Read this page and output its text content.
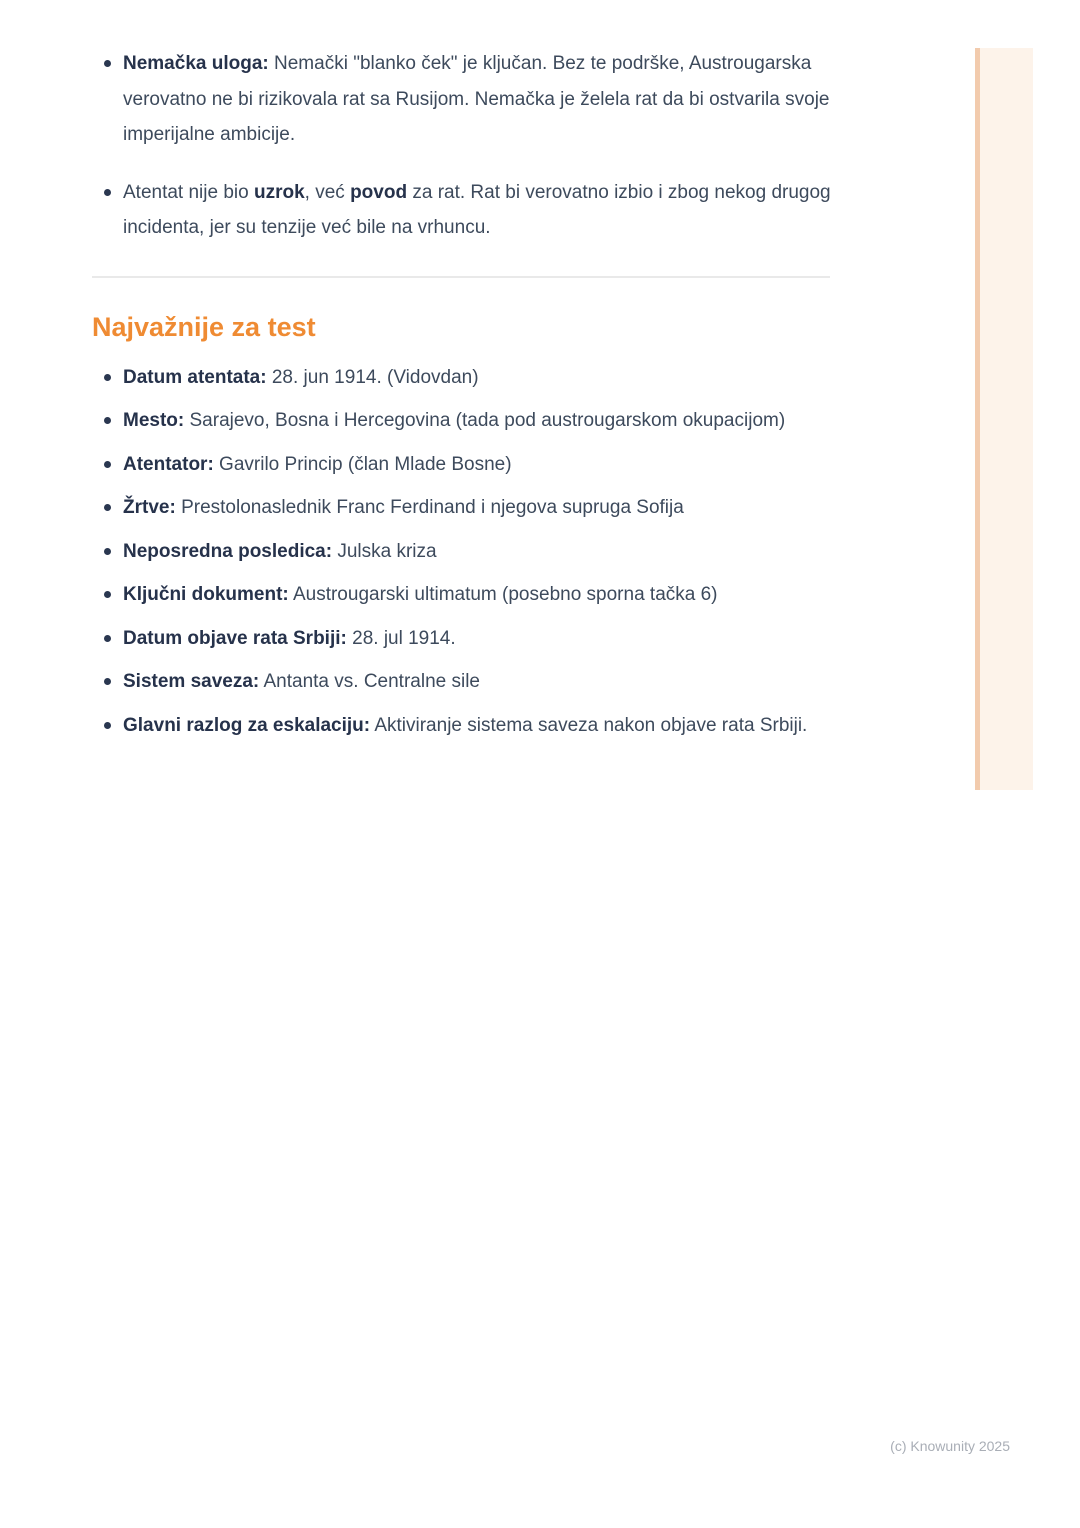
Nemačka uloga: Nemački "blanko ček" je ključan. Bez te podrške, Austrougarska verovatno ne bi rizikovala rat sa Rusijom. Nemačka je želela rat da bi ostvarila svoje imperijalne ambicije.
Atentat nije bio uzrok, već povod za rat. Rat bi verovatno izbio i zbog nekog drugog incidenta, jer su tenzije već bile na vrhuncu.
Najvažnije za test
Datum atentata: 28. jun 1914. (Vidovdan)
Mesto: Sarajevo, Bosna i Hercegovina (tada pod austrougarskom okupacijom)
Atentator: Gavrilo Princip (član Mlade Bosne)
Žrtve: Prestolonaslednik Franc Ferdinand i njegova supruga Sofija
Neposredna posledica: Julska kriza
Ključni dokument: Austrougarski ultimatum (posebno sporna tačka 6)
Datum objave rata Srbiji: 28. jul 1914.
Sistem saveza: Antanta vs. Centralne sile
Glavni razlog za eskalaciju: Aktiviranje sistema saveza nakon objave rata Srbiji.
(c) Knowunity 2025
